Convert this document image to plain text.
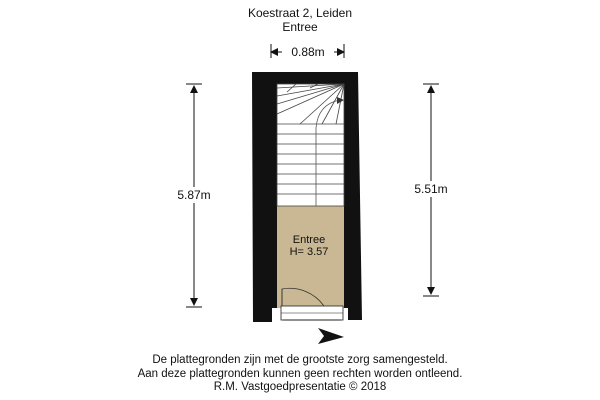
Koestraat 2, Leiden
Entree
0.88m
5.87m	5.51m
Entree
H= 3.57
De plattegronden zijn met de grootste zorg samengesteld.
Aan deze plattegronden kunnen geen rechten worden ontleend.
R.M. Vastgoedpresentatie © 2018
